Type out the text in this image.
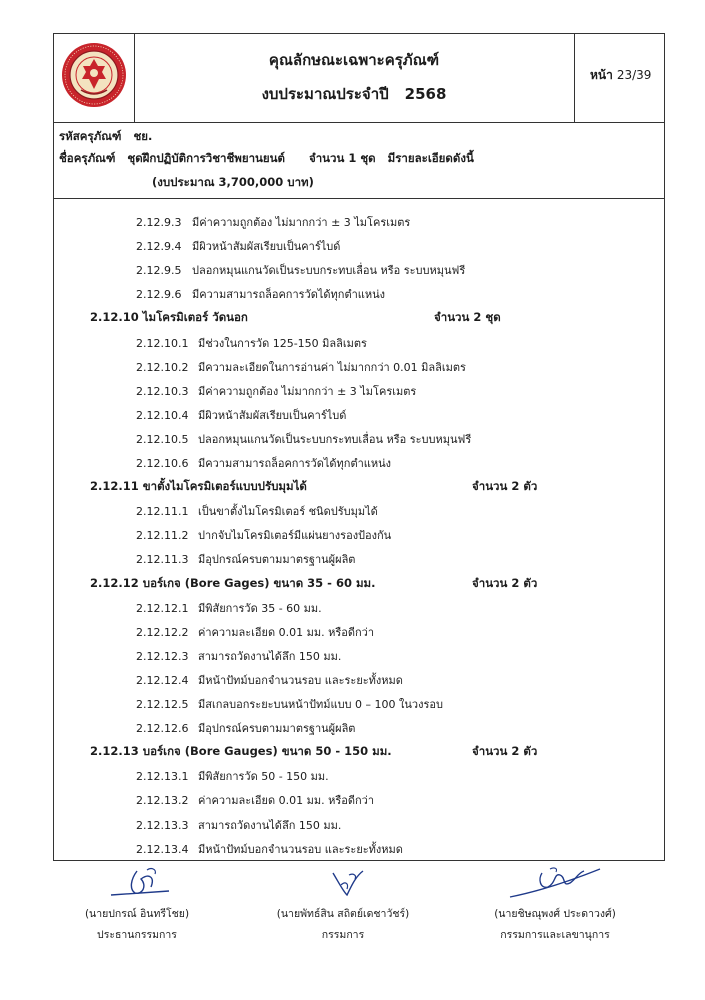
คุณลักษณะเฉพาะครุภัณฑ์
งบประมาณประจำปี 2568
หน้า 23/39
รหัสครุภัณฑ์ ชย.
ชื่อครุภัณฑ์ ชุดฝึกปฏิบัติการวิชาชีพยานยนต์ จำนวน 1 ชุด มีรายละเอียดดังนี้
(งบประมาณ 3,700,000 บาท)
2.12.9.3 มีค่าความถูกต้อง ไม่มากกว่า ± 3 ไมโครเมตร
2.12.9.4 มีผิวหน้าสัมผัสเรียบเป็นคาร์ไบด์
2.12.9.5 ปลอกหมุนแกนวัดเป็นระบบกระทบเลื่อน หรือ ระบบหมุนฟรี
2.12.9.6 มีความสามารถล็อคการวัดได้ทุกตำแหน่ง
2.12.10 ไมโครมิเตอร์ วัดนอก	จำนวน 2 ชุด
2.12.10.1 มีช่วงในการวัด 125-150 มิลลิเมตร
2.12.10.2 มีความละเอียดในการอ่านค่า ไม่มากกว่า 0.01 มิลลิเมตร
2.12.10.3 มีค่าความถูกต้อง ไม่มากกว่า ± 3 ไมโครเมตร
2.12.10.4 มีผิวหน้าสัมผัสเรียบเป็นคาร์ไบด์
2.12.10.5 ปลอกหมุนแกนวัดเป็นระบบกระทบเลื่อน หรือ ระบบหมุนฟรี
2.12.10.6 มีความสามารถล็อคการวัดได้ทุกตำแหน่ง
2.12.11 ขาตั้งไมโครมิเตอร์แบบปรับมุมได้	จำนวน 2 ตัว
2.12.11.1 เป็นขาตั้งไมโครมิเตอร์ ชนิดปรับมุมได้
2.12.11.2 ปากจับไมโครมิเตอร์มีแผ่นยางรองป้องกัน
2.12.11.3 มีอุปกรณ์ครบตามมาตรฐานผู้ผลิต
2.12.12 บอร์เกจ (Bore Gages) ขนาด 35 - 60 มม.	จำนวน 2 ตัว
2.12.12.1 มีพิสัยการวัด 35 - 60 มม.
2.12.12.2 ค่าความละเอียด 0.01 มม. หรือดีกว่า
2.12.12.3 สามารถวัดงานได้ลึก 150 มม.
2.12.12.4 มีหน้าปัทม์บอกจำนวนรอบ และระยะทั้งหมด
2.12.12.5 มีสเกลบอกระยะบนหน้าปัทม์แบบ 0 – 100 ในวงรอบ
2.12.12.6 มีอุปกรณ์ครบตามมาตรฐานผู้ผลิต
2.12.13 บอร์เกจ (Bore Gauges) ขนาด 50 - 150 มม.	จำนวน 2 ตัว
2.12.13.1 มีพิสัยการวัด 50 - 150 มม.
2.12.13.2 ค่าความละเอียด 0.01 มม. หรือดีกว่า
2.12.13.3 สามารถวัดงานได้ลึก 150 มม.
2.12.13.4 มีหน้าปัทม์บอกจำนวนรอบ และระยะทั้งหมด
(นายปกรณ์ อินทรีโชย)
ประธานกรรมการ
(นายพัทธ์สิน สถิตย์เดชาวัชร์)
กรรมการ
(นายชิษณุพงศ์ ประดาวงศ์)
กรรมการและเลขานุการ
